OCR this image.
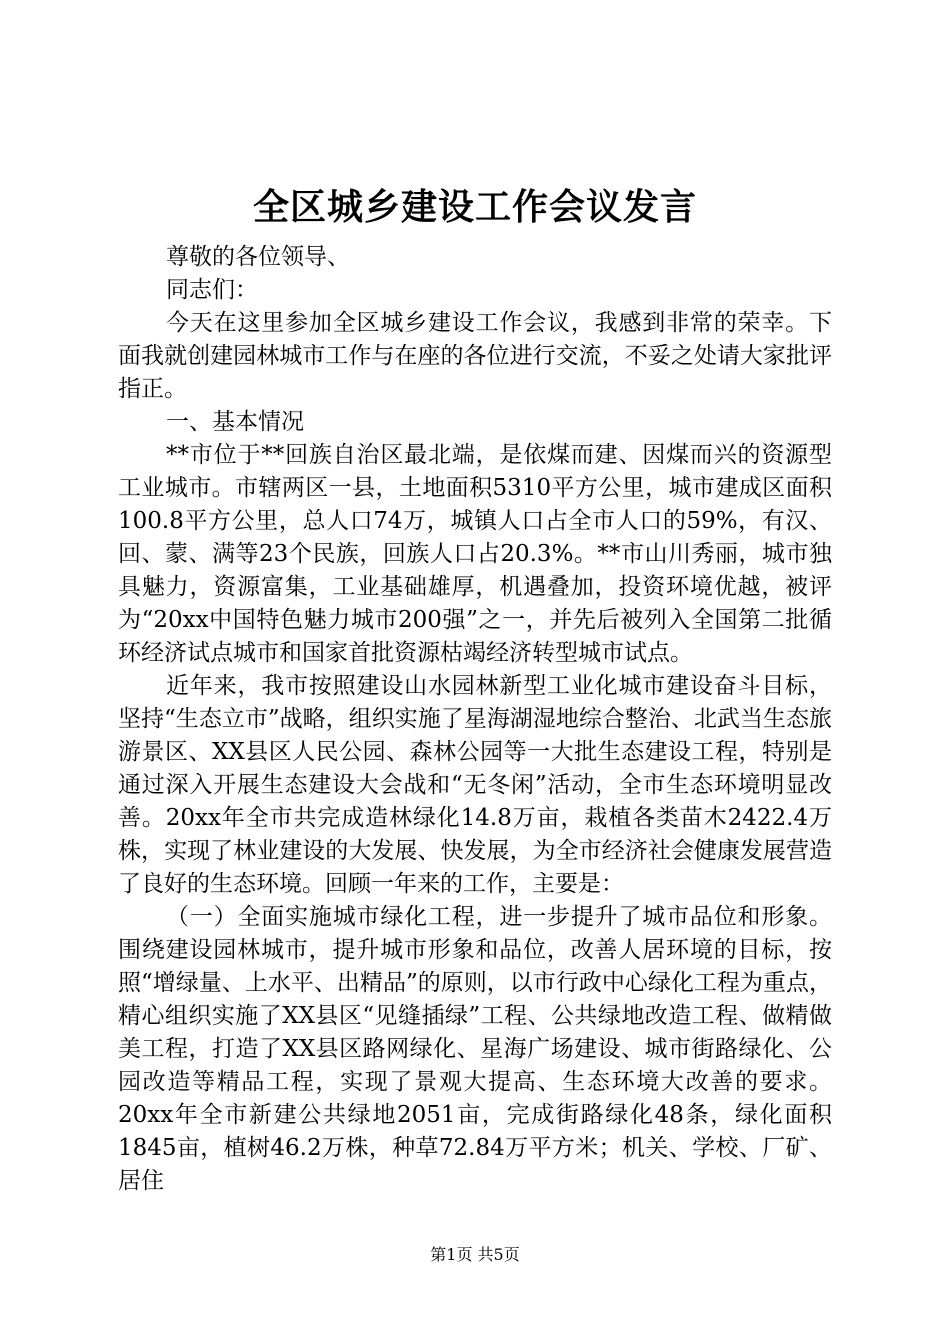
全区城乡建设工作会议发言

尊敬的各位领导、

同志们：

今天在这里参加全区城乡建设工作会议，我感到非常的荣幸。下面我就创建园林城市工作与在座的各位进行交流，不妥之处请大家批评指正。

一、基本情况

**市位于**回族自治区最北端，是依煤而建、因煤而兴的资源型工业城市。市辖两区一县，土地面积5310平方公里，城市建成区面积100.8平方公里，总人口74万，城镇人口占全市人口的59%，有汉、回、蒙、满等23个民族，回族人口占20.3%。**市山川秀丽，城市独具魅力，资源富集，工业基础雄厚，机遇叠加，投资环境优越，被评为“20xx中国特色魅力城市200强”之一，并先后被列入全国第二批循环经济试点城市和国家首批资源枯竭经济转型城市试点。

近年来，我市按照建设山水园林新型工业化城市建设奋斗目标，坚持“生态立市”战略，组织实施了星海湖湿地综合整治、北武当生态旅游景区、XX县区人民公园、森林公园等一大批生态建设工程，特别是通过深入开展生态建设大会战和“无冬闲”活动，全市生态环境明显改善。20xx年全市共完成造林绿化14.8万亩，栽植各类苗木2422.4万株，实现了林业建设的大发展、快发展，为全市经济社会健康发展营造了良好的生态环境。回顾一年来的工作，主要是：

（一）全面实施城市绿化工程，进一步提升了城市品位和形象。围绕建设园林城市，提升城市形象和品位，改善人居环境的目标，按照“增绿量、上水平、出精品”的原则，以市行政中心绿化工程为重点，精心组织实施了XX县区“见缝插绿”工程、公共绿地改造工程、做精做美工程，打造了XX县区路网绿化、星海广场建设、城市街路绿化、公园改造等精品工程，实现了景观大提高、生态环境大改善的要求。20xx年全市新建公共绿地2051亩，完成街路绿化48条，绿化面积1845亩，植树46.2万株，种草72.84万平方米；机关、学校、厂矿、居住

第1页 共5页
